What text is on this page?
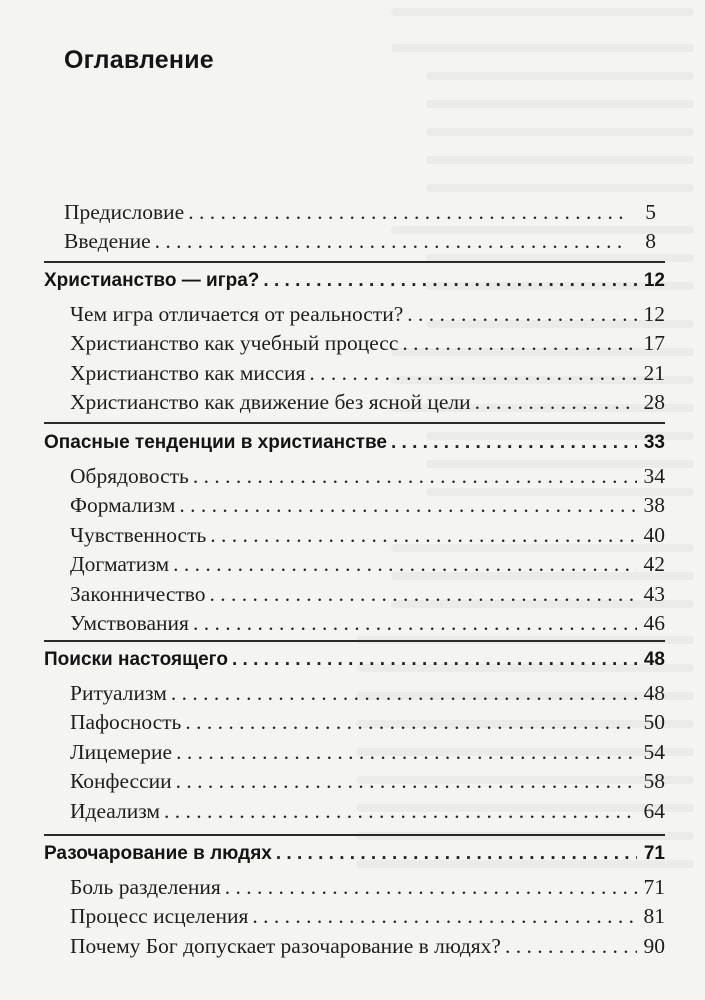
Оглавление
Предисловие . . .	5
Введение . . .	8
Христианство — игра? . . .	12
Чем игра отличается от реальности? . . .	12
Христианство как учебный процесс . . .	17
Христианство как миссия . . .	21
Христианство как движение без ясной цели . . .	28
Опасные тенденции в христианстве . . .	33
Обрядовость . . .	34
Формализм . . .	38
Чувственность . . .	40
Догматизм . . .	42
Законничество . . .	43
Умствования . . .	46
Поиски настоящего . . .	48
Ритуализм . . .	48
Пафосность . . .	50
Лицемерие . . .	54
Конфессии . . .	58
Идеализм . . .	64
Разочарование в людях . . .	71
Боль разделения . . .	71
Процесс исцеления . . .	81
Почему Бог допускает разочарование в людях? . . .	90
